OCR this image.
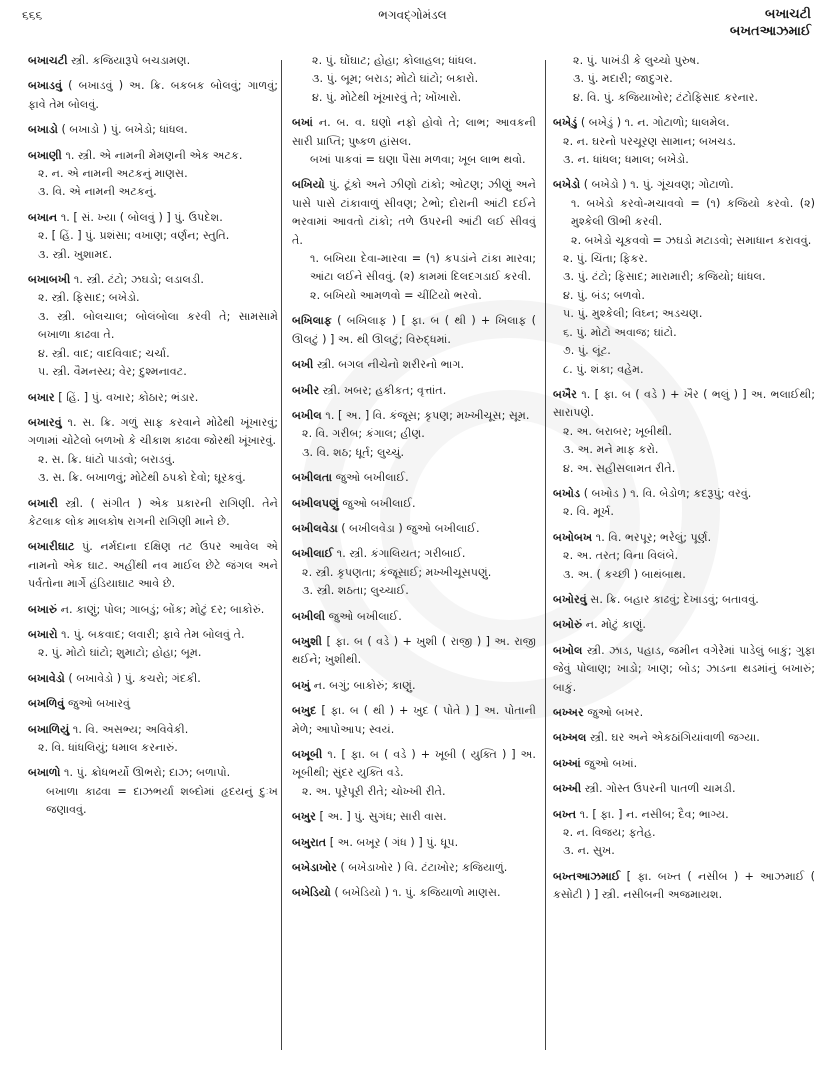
૬૬૬	ભગવદ્ગોમંડલ	બખાચટી
બખતઆઝમાઈ
બખાચટી સ્ત્રી. કજિયારૂપે બચડામણ.
બખાડવું ( બખાડવું ) અ. ક્રિ. બકબક બોલવું; ગાળવું; ફાવે તેમ બોલવું.
બખાડો ( બખાડો ) પું. બખેડો; ધાંધલ.
બખાણી ૧. સ્ત્રી. એ નામની મેમણની એક અટક.
૨. ન. એ નામની અટકનું માણસ.
૩. વિ. એ નામની અટકનું.
બખાન ૧. [ સં. ખ્યા ( બોલવું ) ] પું. ઉપદેશ.
૨. [ હિં. ] પું. પ્રશંસા; વખાણ; વર્ણન; સ્તુતિ.
૩. સ્ત્રી. ખુશામદ.
બખાબખી ૧. સ્ત્રી. ટંટો; ઝઘડો; લડાલડી.
૨. સ્ત્રી. ફિસાદ; બખેડો.
૩. સ્ત્રી. બોલચાલ; બોલંબોલા કરવી તે; સામસામે બખાળા કાઢવા તે.
૪. સ્ત્રી. વાદ; વાદવિવાદ; ચર્ચા.
૫. સ્ત્રી. વૈમનસ્ય; વેર; દુશ્મનાવટ.
બખાર [ હિં. ] પું. વખાર; કોઠાર; ભંડાર.
બખારવું ૧. સ. ક્રિ. ગળું સાફ કરવાને મોઢેથી ખૂંખારવું; ગળામાં ચોટેલો બળખો કે ચીકાશ કાઢવા જોરથી ખૂંખારવું.
૨. સ. ક્રિ. ધાંટો પાડવો; બરાડવું.
૩. સ. ક્રિ. બખાળવું; મોટેથી ઠપકો દેવો; ઘૂરકવું.
બખારી સ્ત્રી. ( સંગીત ) એક પ્રકારની રાગિણી. તેને કેટલાક લોક માલકોષ રાગની રાગિણી માને છે.
બખારીઘાટ પું. નર્મદાના દક્ષિણ તટ ઉપર આવેલ એ નામનો એક ઘાટ. અહીંથી નવ માઈલ છેટે જંગલ અને પર્વતોના માર્ગે હંડિયાઘાટ આવે છે.
બખારું ન. કાણું; પોલ; ગાબડું; બોંક; મોટું દર; બાકોરું.
બખારો ૧. પું. બકવાદ; લવારી; ફાવે તેમ બોલવું તે.
૨. પું. મોટો ઘાંટો; શુમાટો; હોહા; બૂમ.
બખાવેડો ( બખાવેડો ) પું. કચરો; ગંદકી.
બખળિવું જુઓ બખારવું
બખાળિયું ૧. વિ. અસભ્ય; અવિવેકી.
૨. વિ. ધાંધલિયું; ધમાલ કરનારું.
બખાળો ૧. પું. ક્રોધભર્યો ઊભરો; દાઝ; બળાપો.
બખાળા કાઢવા = દાઝભર્યા શબ્દોમાં હૃદયનું દુઃખ જણાવવું.
૨. પું. ઘોંઘાટ; હોહા; કોલાહલ; ધાંધલ.
૩. પું. બૂમ; બરાડ; મોટો ઘાંટો; બકારો.
૪. પું. મોટેથી ખૂંખારવું તે; ખોંખારો.
બખાં ન. બ. વ. ઘણો નફો હોવો તે; લાભ; આવકની સારી પ્રાપ્તિ; પુષ્કળ હાંસલ.
બખાં પાકવાં = ઘણા પૈસા મળવા; ખૂબ લાભ થવો.
બખિયો પું. ટૂંકો અને ઝીણો ટાંકો; ઓટણ; ઝીણું અને પાસે પાસે ટાંકાવાળું સીવણ; ટેભો; દોરાની આંટી દઈને ભરવામાં આવતો ટાંકો; તળે ઉપરની આંટી લઈ સીવવું તે.
૧. બખિયા દેવા-મારવા = (૧) કપડાંને ટાંકા મારવા; આંટા લઈને સીવવું. (૨) કામમાં દિલદગડાઈ કરવી.
૨. બખિયો આમળવો = ચીંટિયો ભરવો.
બખિલાફ ( બખિલાફ ) [ ફા. બ ( થી ) + ખિલાફ ( ઊલટું ) ] અ. થી ઊલટું; વિરુદ્ધમાં.
બખી સ્ત્રી. બગલ નીચેનો શરીરનો ભાગ.
બખીર સ્ત્રી. ખબર; હકીકત; વૃત્તાંત.
બખીલ ૧. [ અ. ] વિ. કંજૂસ; કૃપણ; મખ્ખીચૂસ; સૂમ.
૨. વિ. ગરીબ; કંગાલ; હીણ.
૩. વિ. શઠ; ધૂર્ત; લુચ્ચું.
બખીલતા જુઓ બખીલાઈ.
બખીલપણું જુઓ બખીલાઈ.
બખીલવેડા ( બખીલવેડા ) જુઓ બખીલાઈ.
બખીલાઈ ૧. સ્ત્રી. કંગાલિયત; ગરીબાઈ.
૨. સ્ત્રી. કૃપણતા; કંજૂસાઈ; મખ્ખીચૂસપણું.
૩. સ્ત્રી. શઠતા; લુચ્ચાઈ.
બખીલી જુઓ બખીલાઈ.
બખુશી [ ફા. બ ( વડે ) + ખુશી ( રાજી ) ] અ. રાજી થઈને; ખુશીથી.
બખું ન. બગું; બાકોરું; કાણું.
બખુદ [ ફા. બ ( થી ) + ખુદ ( પોતે ) ] અ. પોતાની મેળે; આપોઆપ; સ્વયં.
બખૂબી ૧. [ ફા. બ ( વડે ) + ખૂબી ( યુક્તિ ) ] અ. ખૂબીથી; સુંદર યુક્તિ વડે.
૨. અ. પૂરેપૂરી રીતે; ચોખ્ખી રીતે.
બખુર [ અ. ] પું. સુગંધ; સારી વાસ.
બખુરાત [ અ. બખૂર ( ગંધ ) ] પું. ધૂપ.
બખેડાખોર ( બખેડાખોર ) વિ. ટંટાખોર; કજિયાળું.
બખેડિયો ( બખેડિયો ) ૧. પું. કજિયાળો માણસ.
૨. પું. પાખંડી કે લુચ્ચો પુરુષ.
૩. પું. મદારી; જાદુગર.
૪. વિ. પું. કજિયાખોર; ટંટોફિસાદ કરનાર.
બખેડું ( બખેડું ) ૧. ન. ગોટાળો; ધાલમેલ.
૨. ન. ઘરનો પરચૂરણ સામાન; બખચડ.
૩. ન. ધાંધલ; ધમાલ; બખેડો.
બખેડો ( બખેડો ) ૧. પું. ગૂંચવણ; ગોટાળો.
૧. બખેડો કરવો-મચાવવો = (૧) કજિયો કરવો. (૨) મુશ્કેલી ઊભી કરવી.
૨. બખેડો ચૂકવવો = ઝઘડો મટાડવો; સમાધાન કરાવવું.
૨. પું. ચિંતા; ફિકર.
૩. પું. ટંટો; ફિસાદ; મારામારી; કજિયો; ધાંધલ.
૪. પું. બંડ; બળવો.
૫. પું. મુશ્કેલી; વિઘ્ન; અડચણ.
૬. પું. મોટો અવાજ; ઘાંટો.
૭. પું. લૂંટ.
૮. પું. શંકા; વહેમ.
બખૈર ૧. [ ફા. બ ( વડે ) + ખૈર ( ભલું ) ] અ. ભલાઈથી; સારાપણે.
૨. અ. બરાબર; ખૂબીથી.
૩. અ. મને માફ કરો.
૪. અ. સહીસલામત રીતે.
બખોડ ( બખોડ ) ૧. વિ. બેડોળ; કદરૂપું; વરવું.
૨. વિ. મૂર્ખ.
બખોબખ ૧. વિ. ભરપૂર; ભરેલું; પૂર્ણ.
૨. અ. તરત; વિના વિલંબે.
૩. અ. ( કચ્છી ) બાથંબાથ.
બખોરવું સ. ક્રિ. બહાર કાઢવું; દેખાડવું; બતાવવું.
બખોરું ન. મોટું કાણું.
બખોલ સ્ત્રી. ઝાડ, પહાડ, જમીન વગેરેમાં પાડેલું બાકું; ગુફા જેવું પોલાણ; ખાડો; ખાણ; બોડ; ઝાડના થડમાંનું બખારું; બાકું.
બખ્ખર જુઓ બખર.
બખ્ખલ સ્ત્રી. ઘર અને એકઠાંગિયાંવાળી જગ્યા.
બખ્ખાં જુઓ બખાં.
બખ્ખી સ્ત્રી. ગોસ્ત ઉપરની પાતળી ચામડી.
બખ્ત ૧. [ ફા. ] ન. નસીબ; દૈવ; ભાગ્ય.
૨. ન. વિજય; ફતેહ.
૩. ન. સુખ.
બખ્તઆઝમાઈ [ ફા. બખ્ત ( નસીબ ) + આઝમાઈ ( કસોટી ) ] સ્ત્રી. નસીબની અજમાયશ.
